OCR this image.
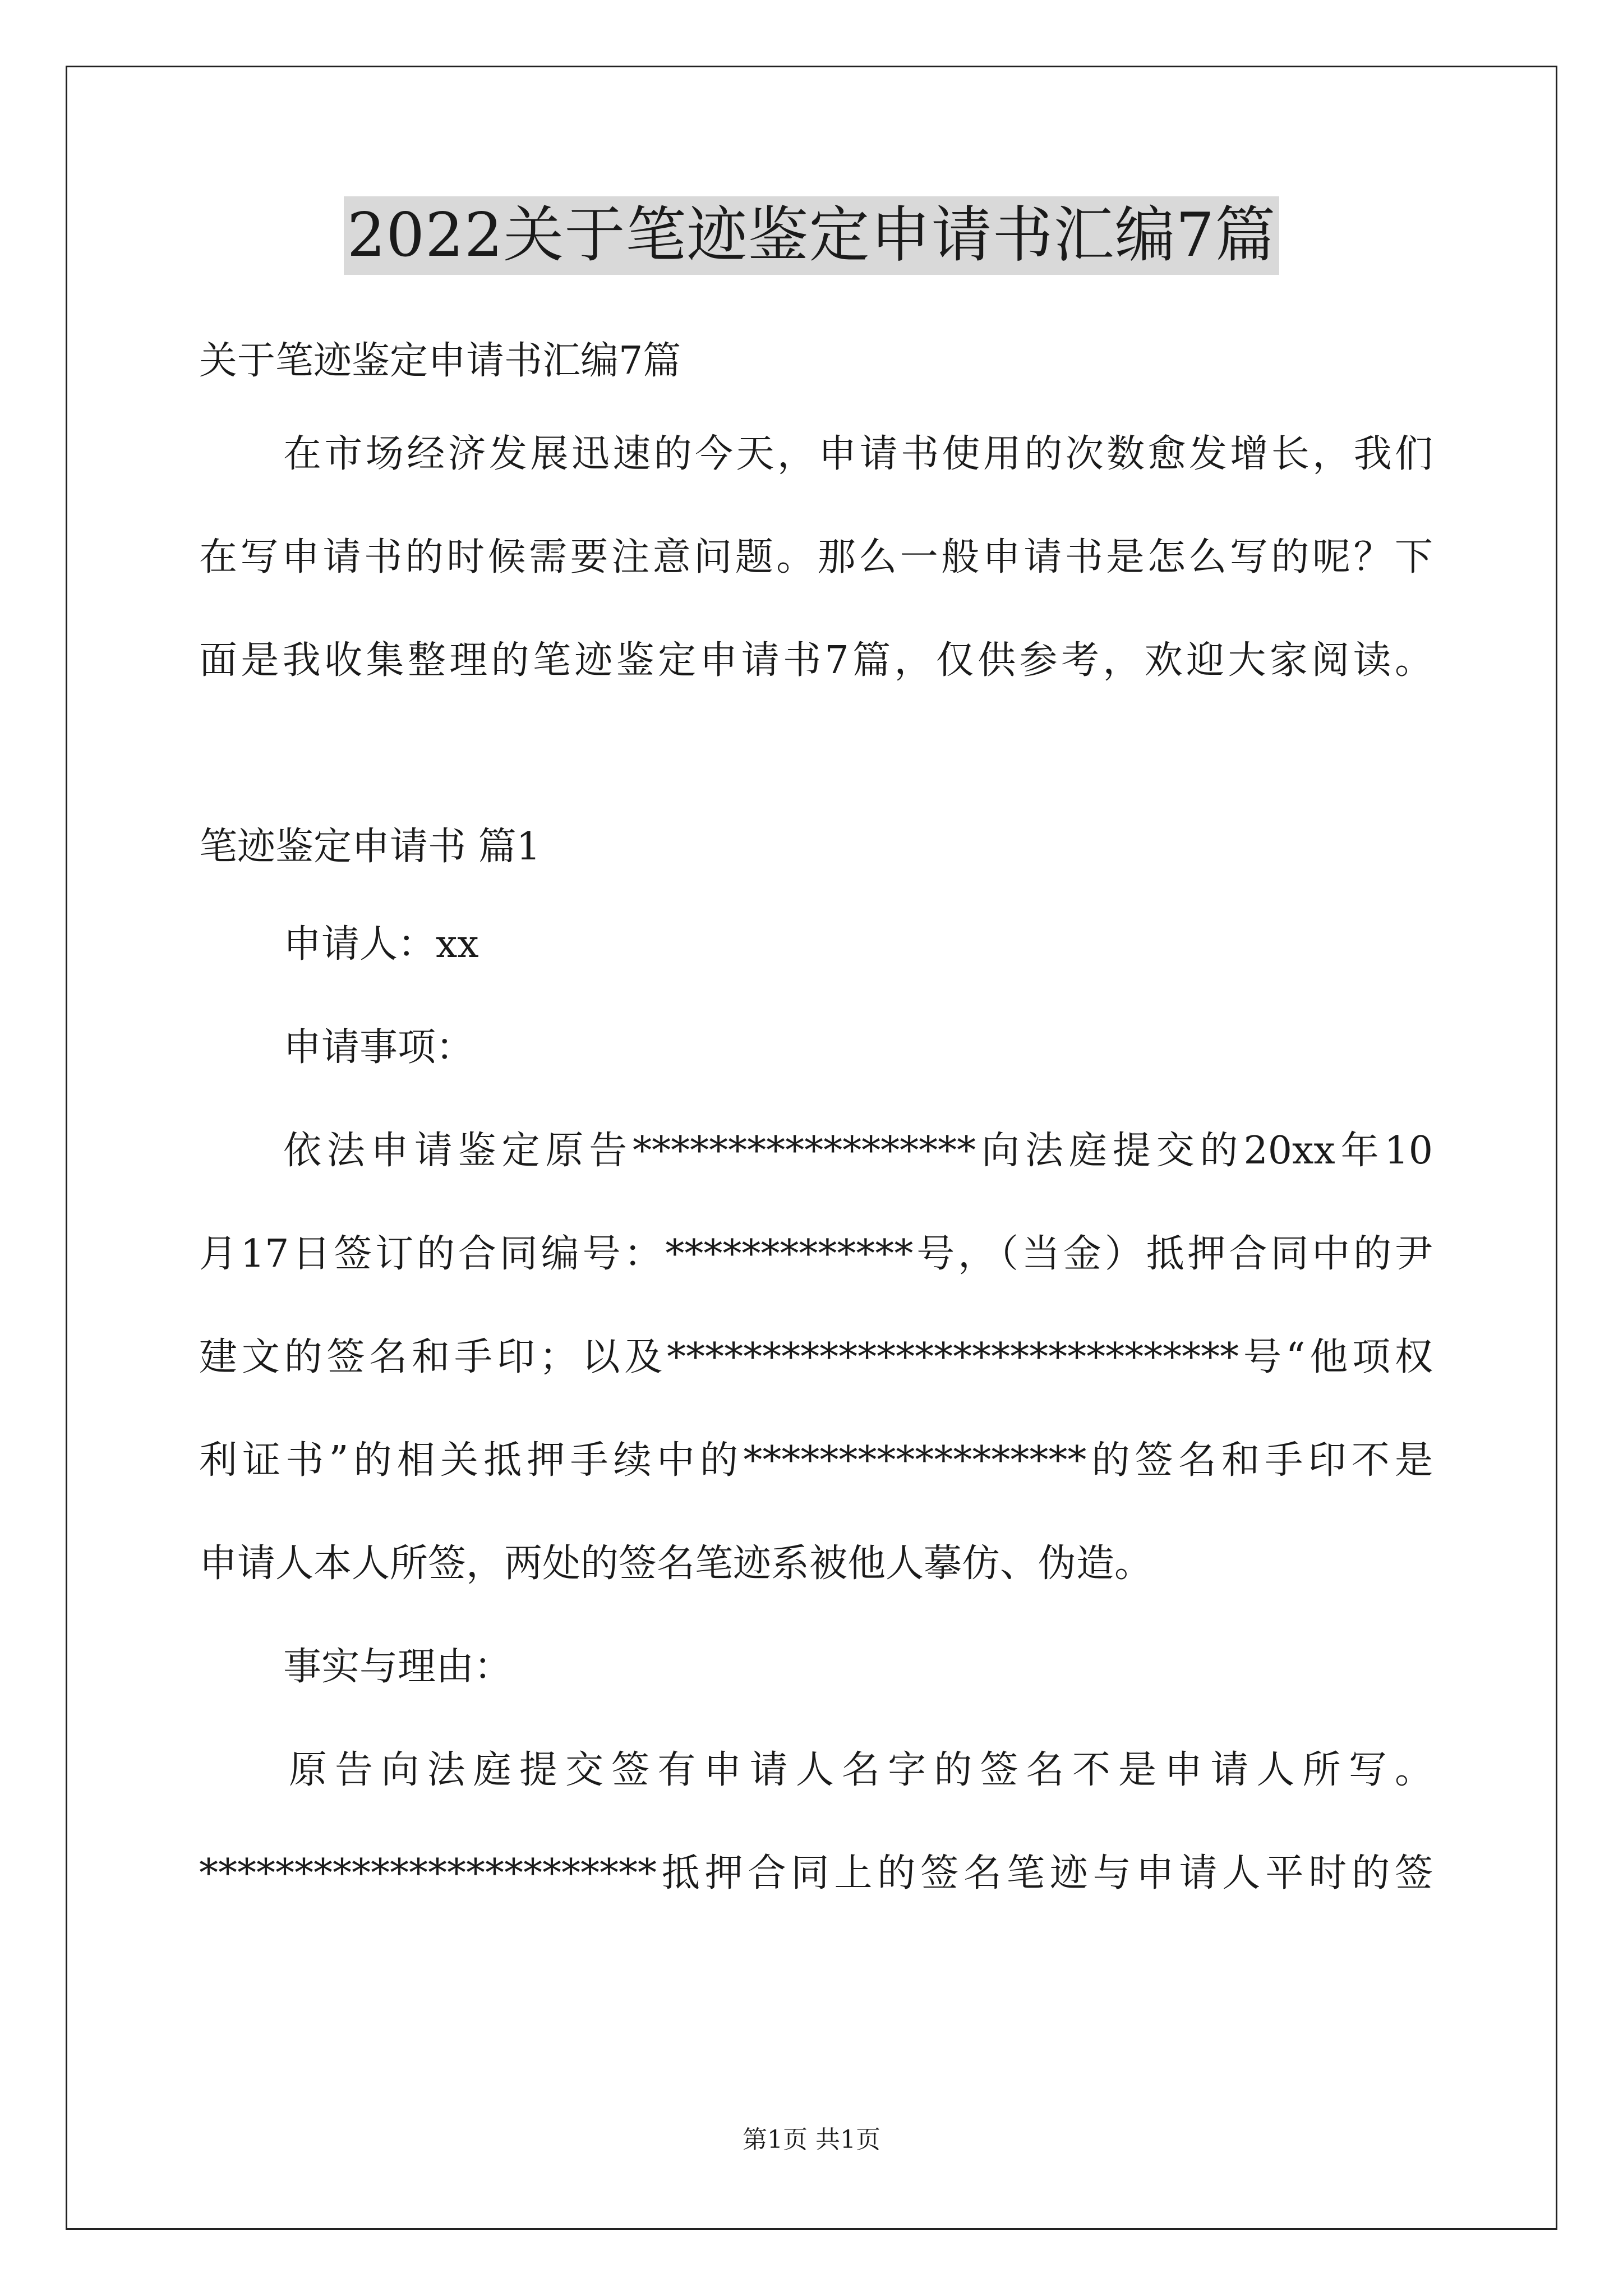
2022关于笔迹鉴定申请书汇编7篇

关于笔迹鉴定申请书汇编7篇

在市场经济发展迅速的今天，申请书使用的次数愈发增长，我们

在写申请书的时候需要注意问题。那么一般申请书是怎么写的呢？下

面是我收集整理的笔迹鉴定申请书7篇，仅供参考，欢迎大家阅读。

笔迹鉴定申请书 篇1

申请人：xx

申请事项：

依法申请鉴定原告******************向法庭提交的20xx年10

月17日签订的合同编号：*************号，（当金）抵押合同中的尹

建文的签名和手印；以及******************************号“他项权

利证书”的相关抵押手续中的******************的签名和手印不是

申请人本人所签，两处的签名笔迹系被他人摹仿、伪造。

事实与理由：

原告向法庭提交签有申请人名字的签名不是申请人所写。

************************抵押合同上的签名笔迹与申请人平时的签

第1页 共1页
